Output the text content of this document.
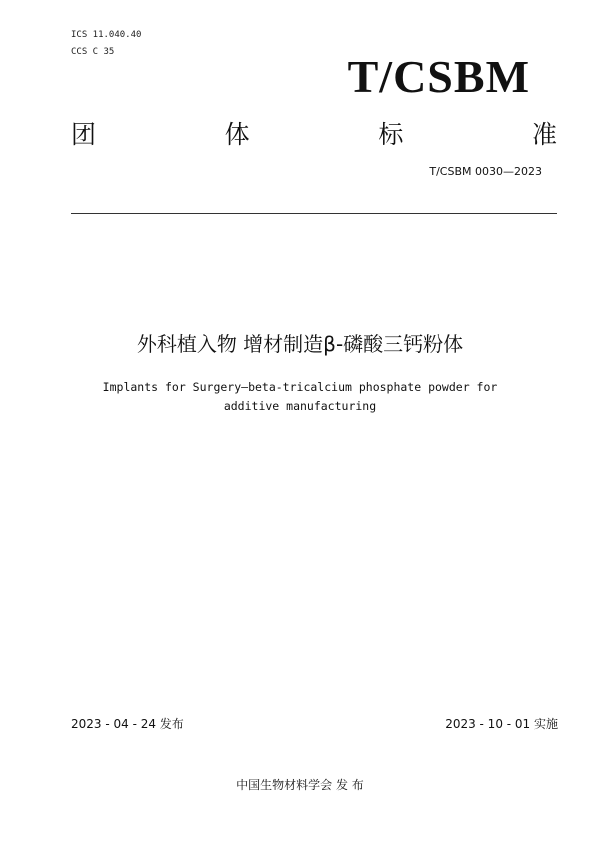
ICS 11.040.40
CCS C 35	T/CSBM
团	体	标	准
T/CSBM 0030—2023
外科植入物 增材制造β-磷酸三钙粉体
Implants for Surgery—beta-tricalcium phosphate powder for
additive manufacturing
2023 - 04 - 24 发布	2023 - 10 - 01 实施
中国生物材料学会 发 布
